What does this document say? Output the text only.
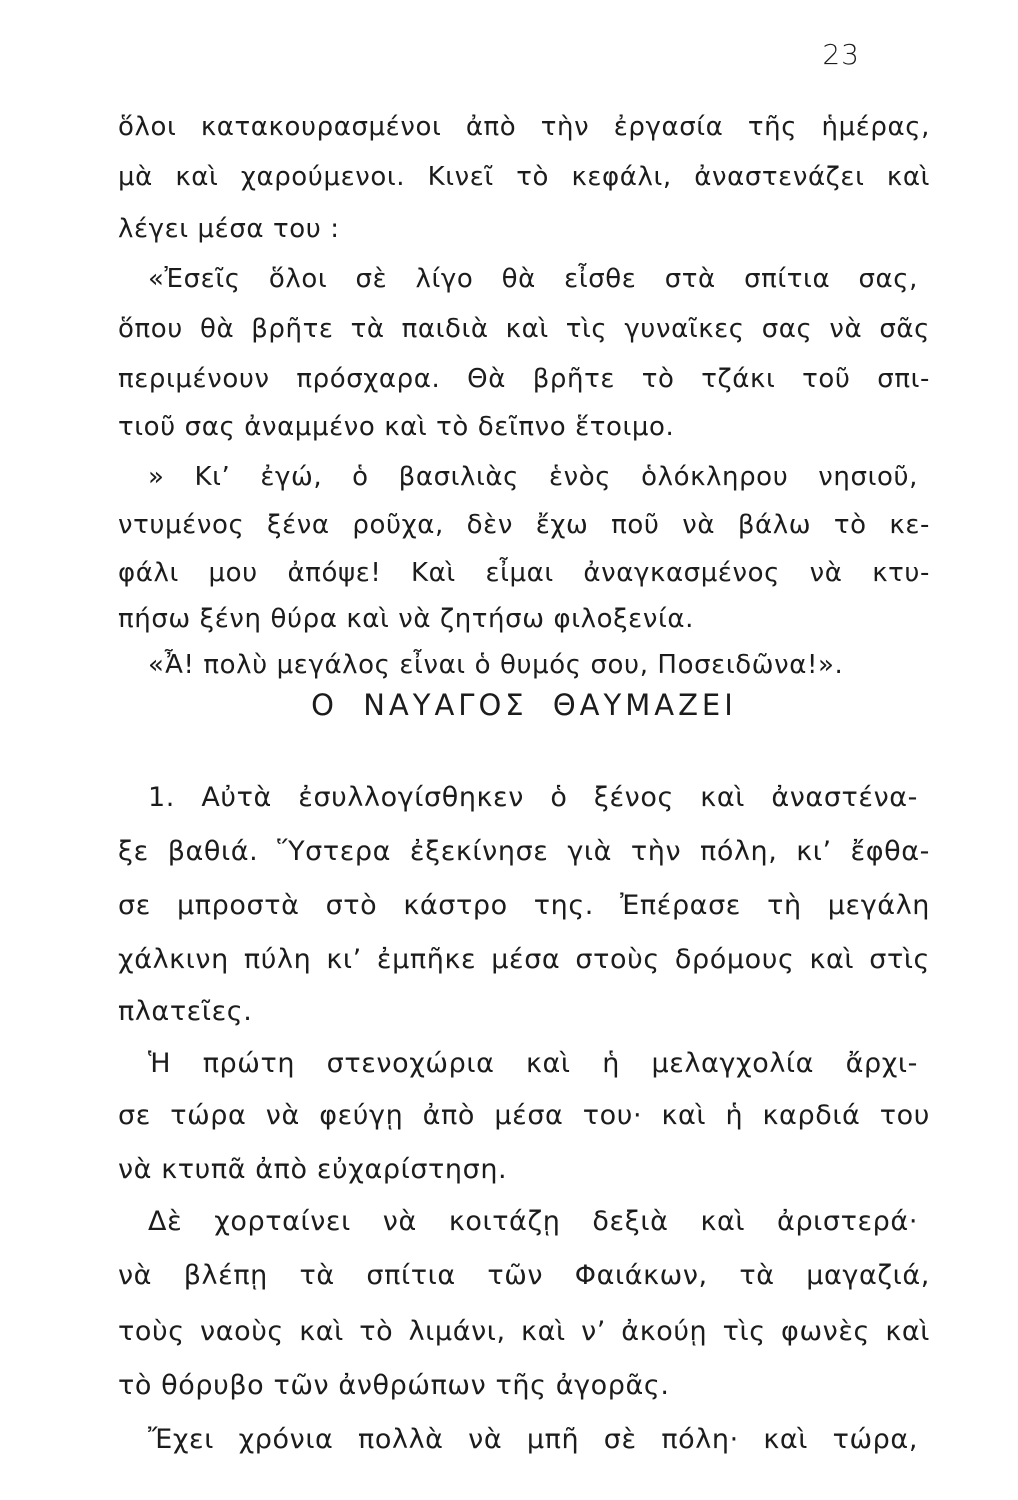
23
ὅλοι κατακουρασμένοι ἀπὸ τὴν ἐργασία τῆς ἡμέρας,
μὰ καὶ χαρούμενοι. Κινεῖ τὸ κεφάλι, ἀναστενάζει καὶ
λέγει μέσα του :
«Ἐσεῖς ὅλοι σὲ λίγο θὰ εἶσθε στὰ σπίτια σας,
ὅπου θὰ βρῆτε τὰ παιδιὰ καὶ τὶς γυναῖκες σας νὰ σᾶς
περιμένουν πρόσχαρα. Θὰ βρῆτε τὸ τζάκι τοῦ σπι-
τιοῦ σας ἀναμμένο καὶ τὸ δεῖπνο ἕτοιμο.
» Κι’ ἐγώ, ὁ βασιλιὰς ἑνὸς ὁλόκληρου νησιοῦ,
ντυμένος ξένα ροῦχα, δὲν ἔχω ποῦ νὰ βάλω τὸ κε-
φάλι μου ἀπόψε! Καὶ εἶμαι ἀναγκασμένος νὰ κτυ-
πήσω ξένη θύρα καὶ νὰ ζητήσω φιλοξενία.
«Ἆ! πολὺ μεγάλος εἶναι ὁ θυμός σου, Ποσειδῶνα!».
Ο ΝΑΥΑΓΟΣ ΘΑΥΜΑΖΕΙ
1. Αὐτὰ ἐσυλλογίσθηκεν ὁ ξένος καὶ ἀναστένα-
ξε βαθιά. Ὕστερα ἐξεκίνησε γιὰ τὴν πόλη, κι’ ἔφθα-
σε μπροστὰ στὸ κάστρο της. Ἐπέρασε τὴ μεγάλη
χάλκινη πύλη κι’ ἐμπῆκε μέσα στοὺς δρόμους καὶ στὶς
πλατεῖες.
Ἡ πρώτη στενοχώρια καὶ ἡ μελαγχολία ἄρχι-
σε τώρα νὰ φεύγῃ ἀπὸ μέσα του· καὶ ἡ καρδιά του
νὰ κτυπᾶ ἀπὸ εὐχαρίστηση.
Δὲ χορταίνει νὰ κοιτάζῃ δεξιὰ καὶ ἀριστερά·
νὰ βλέπῃ τὰ σπίτια τῶν Φαιάκων, τὰ μαγαζιά,
τοὺς ναοὺς καὶ τὸ λιμάνι, καὶ ν’ ἀκούῃ τὶς φωνὲς καὶ
τὸ θόρυβο τῶν ἀνθρώπων τῆς ἀγορᾶς.
Ἔχει χρόνια πολλὰ νὰ μπῆ σὲ πόλη· καὶ τώρα,
